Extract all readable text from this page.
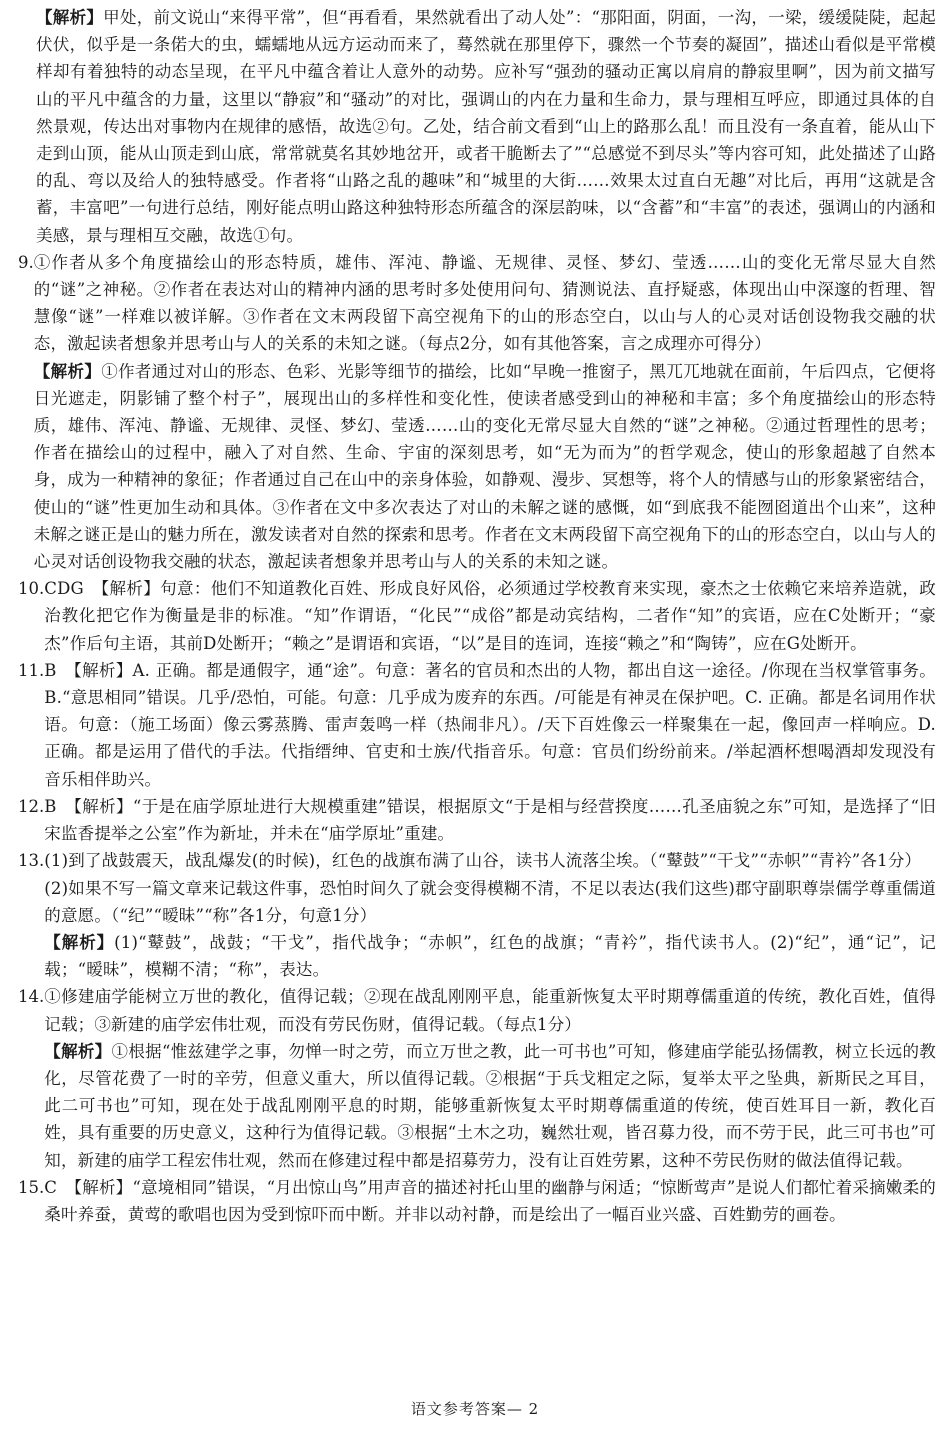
【解析】甲处，前文说山“来得平常”，但“再看看，果然就看出了动人处”：“那阳面，阴面，一沟，一梁，缓缓陡陡，起起伏伏，似乎是一条偌大的虫，蠕蠕地从远方运动而来了，蓦然就在那里停下，骤然一个节奏的凝固”，描述山看似是平常模样却有着独特的动态呈现，在平凡中蕴含着让人意外的动势。应补写“强劲的骚动正寓以肩肩的静寂里啊”，因为前文描写山的平凡中蕴含的力量，这里以“静寂”和“骚动”的对比，强调山的内在力量和生命力，景与理相互呼应，即通过具体的自然景观，传达出对事物内在规律的感悟，故选②句。乙处，结合前文看到“山上的路那么乱！而且没有一条直着，能从山下走到山顶，能从山顶走到山底，常常就莫名其妙地岔开，或者干脆断去了”“总感觉不到尽头”等内容可知，此处描述了山路的乱、弯以及给人的独特感受。作者将“山路之乱的趣味”和“城里的大街……效果太过直白无趣”对比后，再用“这就是含蓄，丰富吧”一句进行总结，刚好能点明山路这种独特形态所蕴含的深层韵味，以“含蓄”和“丰富”的表述，强调山的内涵和美感，景与理相互交融，故选①句。

9. ①作者从多个角度描绘山的形态特质，雄伟、浑沌、静谧、无规律、灵怪、梦幻、莹透……山的变化无常尽显大自然的“谜”之神秘。②作者在表达对山的精神内涵的思考时多处使用问句、猜测说法、直抒疑惑，体现出山中深邃的哲理、智慧像“谜”一样难以被详解。③作者在文末两段留下高空视角下的山的形态空白，以山与人的心灵对话创设物我交融的状态，激起读者想象并思考山与人的关系的未知之谜。（每点2分，如有其他答案，言之成理亦可得分）

【解析】①作者通过对山的形态、色彩、光影等细节的描绘，比如“早晚一推窗子，黑兀兀地就在面前，午后四点，它便将日光遮走，阴影铺了整个村子”，展现出山的多样性和变化性，使读者感受到山的神秘和丰富；多个角度描绘山的形态特质，雄伟、浑沌、静谧、无规律、灵怪、梦幻、莹透……山的变化无常尽显大自然的“谜”之神秘。②通过哲理性的思考；作者在描绘山的过程中，融入了对自然、生命、宇宙的深刻思考，如“无为而为”的哲学观念，使山的形象超越了自然本身，成为一种精神的象征；作者通过自己在山中的亲身体验，如静观、漫步、冥想等，将个人的情感与山的形象紧密结合，使山的“谜”性更加生动和具体。③作者在文中多次表达了对山的未解之谜的感慨，如“到底我不能囫囵道出个山来”，这种未解之谜正是山的魅力所在，激发读者对自然的探索和思考。作者在文末两段留下高空视角下的山的形态空白，以山与人的心灵对话创设物我交融的状态，激起读者想象并思考山与人的关系的未知之谜。

10. CDG　【解析】句意：他们不知道教化百姓、形成良好风俗，必须通过学校教育来实现，豪杰之士依赖它来培养造就，政治教化把它作为衡量是非的标准。“知”作谓语，“化民”“成俗”都是动宾结构，二者作“知”的宾语，应在C处断开；“豪杰”作后句主语，其前D处断开；“赖之”是谓语和宾语，“以”是目的连词，连接“赖之”和“陶铸”，应在G处断开。

11. B　【解析】A. 正确。都是通假字，通“途”。句意：著名的官员和杰出的人物，都出自这一途径。/你现在当权掌管事务。B.“意思相同”错误。几乎/恐怕，可能。句意：几乎成为废弃的东西。/可能是有神灵在保护吧。C. 正确。都是名词用作状语。句意：（施工场面）像云雾蒸腾、雷声轰鸣一样（热闹非凡）。/天下百姓像云一样聚集在一起，像回声一样响应。D. 正确。都是运用了借代的手法。代指缙绅、官吏和士族/代指音乐。句意：官员们纷纷前来。/举起酒杯想喝酒却发现没有音乐相伴助兴。

12. B　【解析】“于是在庙学原址进行大规模重建”错误，根据原文“于是相与经营揆度……孔圣庙貌之东”可知，是选择了“旧宋监香提举之公室”作为新址，并未在“庙学原址”重建。

13. (1)到了战鼓震天，战乱爆发(的时候)，红色的战旗布满了山谷，读书人流落尘埃。（“鼙鼓”“干戈”“赤帜”“青衿”各1分）

(2)如果不写一篇文章来记载这件事，恐怕时间久了就会变得模糊不清，不足以表达(我们这些)郡守副职尊崇儒学尊重儒道的意愿。（“纪”“暧昧”“称”各1分，句意1分）

【解析】(1)“鼙鼓”，战鼓；“干戈”，指代战争；“赤帜”，红色的战旗；“青衿”，指代读书人。(2)“纪”，通“记”，记载；“暧昧”，模糊不清；“称”，表达。

14. ①修建庙学能树立万世的教化，值得记载；②现在战乱刚刚平息，能重新恢复太平时期尊儒重道的传统，教化百姓，值得记载；③新建的庙学宏伟壮观，而没有劳民伤财，值得记载。（每点1分）

【解析】①根据“惟兹建学之事，勿惮一时之劳，而立万世之教，此一可书也”可知，修建庙学能弘扬儒教，树立长远的教化，尽管花费了一时的辛劳，但意义重大，所以值得记载。②根据“于兵戈粗定之际，复举太平之坠典，新斯民之耳目，此二可书也”可知，现在处于战乱刚刚平息的时期，能够重新恢复太平时期尊儒重道的传统，使百姓耳目一新，教化百姓，具有重要的历史意义，这种行为值得记载。③根据“土木之功，巍然壮观，皆召募力役，而不劳于民，此三可书也”可知，新建的庙学工程宏伟壮观，然而在修建过程中都是招募劳力，没有让百姓劳累，这种不劳民伤财的做法值得记载。

15. C　【解析】“意境相同”错误，“月出惊山鸟”用声音的描述衬托山里的幽静与闲适；“惊断莺声”是说人们都忙着采摘嫩柔的桑叶养蚕，黄莺的歌唱也因为受到惊吓而中断。并非以动衬静，而是绘出了一幅百业兴盛、百姓勤劳的画卷。

语文参考答案— 2
